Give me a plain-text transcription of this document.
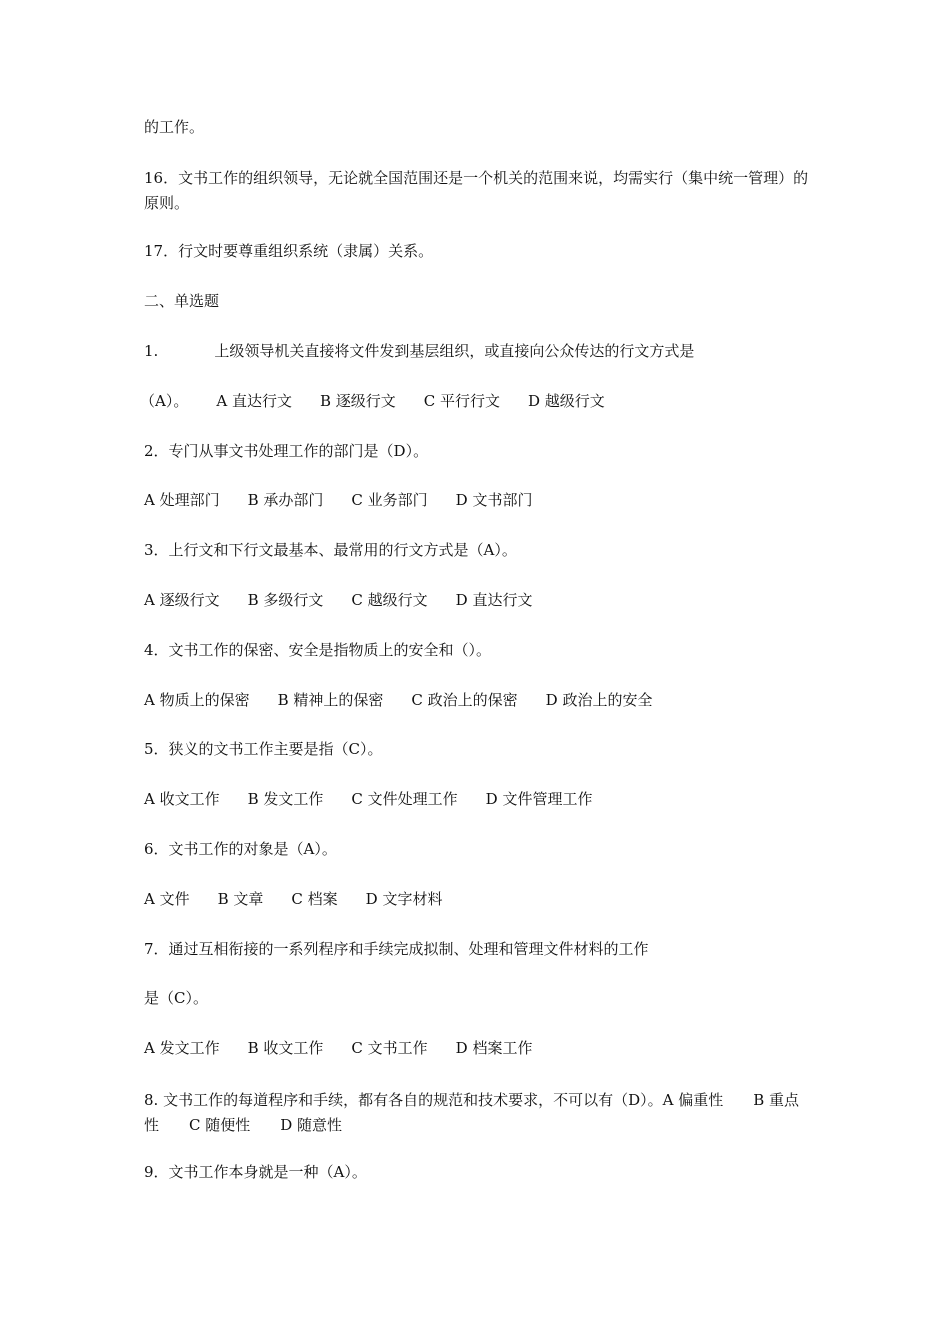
的工作。
16．文书工作的组织领导，无论就全国范围还是一个机关的范围来说，均需实行（集中统一管理）的原则。
17．行文时要尊重组织系统（隶属）关系。
二、单选题
1.	上级领导机关直接将文件发到基层组织，或直接向公众传达的行文方式是
（A）。 A 直达行文 B 逐级行文 C 平行行文 D 越级行文
2．专门从事文书处理工作的部门是（D）。
A 处理部门 B 承办部门 C 业务部门 D 文书部门
3．上行文和下行文最基本、最常用的行文方式是（A）。
A 逐级行文 B 多级行文 C 越级行文 D 直达行文
4．文书工作的保密、安全是指物质上的安全和（）。
A 物质上的保密 B 精神上的保密 C 政治上的保密 D 政治上的安全
5．狭义的文书工作主要是指（C）。
A 收文工作 B 发文工作 C 文件处理工作 D 文件管理工作
6．文书工作的对象是（A）。
A 文件 B 文章 C 档案 D 文字材料
7．通过互相衔接的一系列程序和手续完成拟制、处理和管理文件材料的工作
是（C）。
A 发文工作 B 收文工作 C 文书工作 D 档案工作
8. 文书工作的每道程序和手续，都有各自的规范和技术要求，不可以有（D）。A 偏重性　　B 重点性　　C 随便性　　D 随意性
9．文书工作本身就是一种（A）。
